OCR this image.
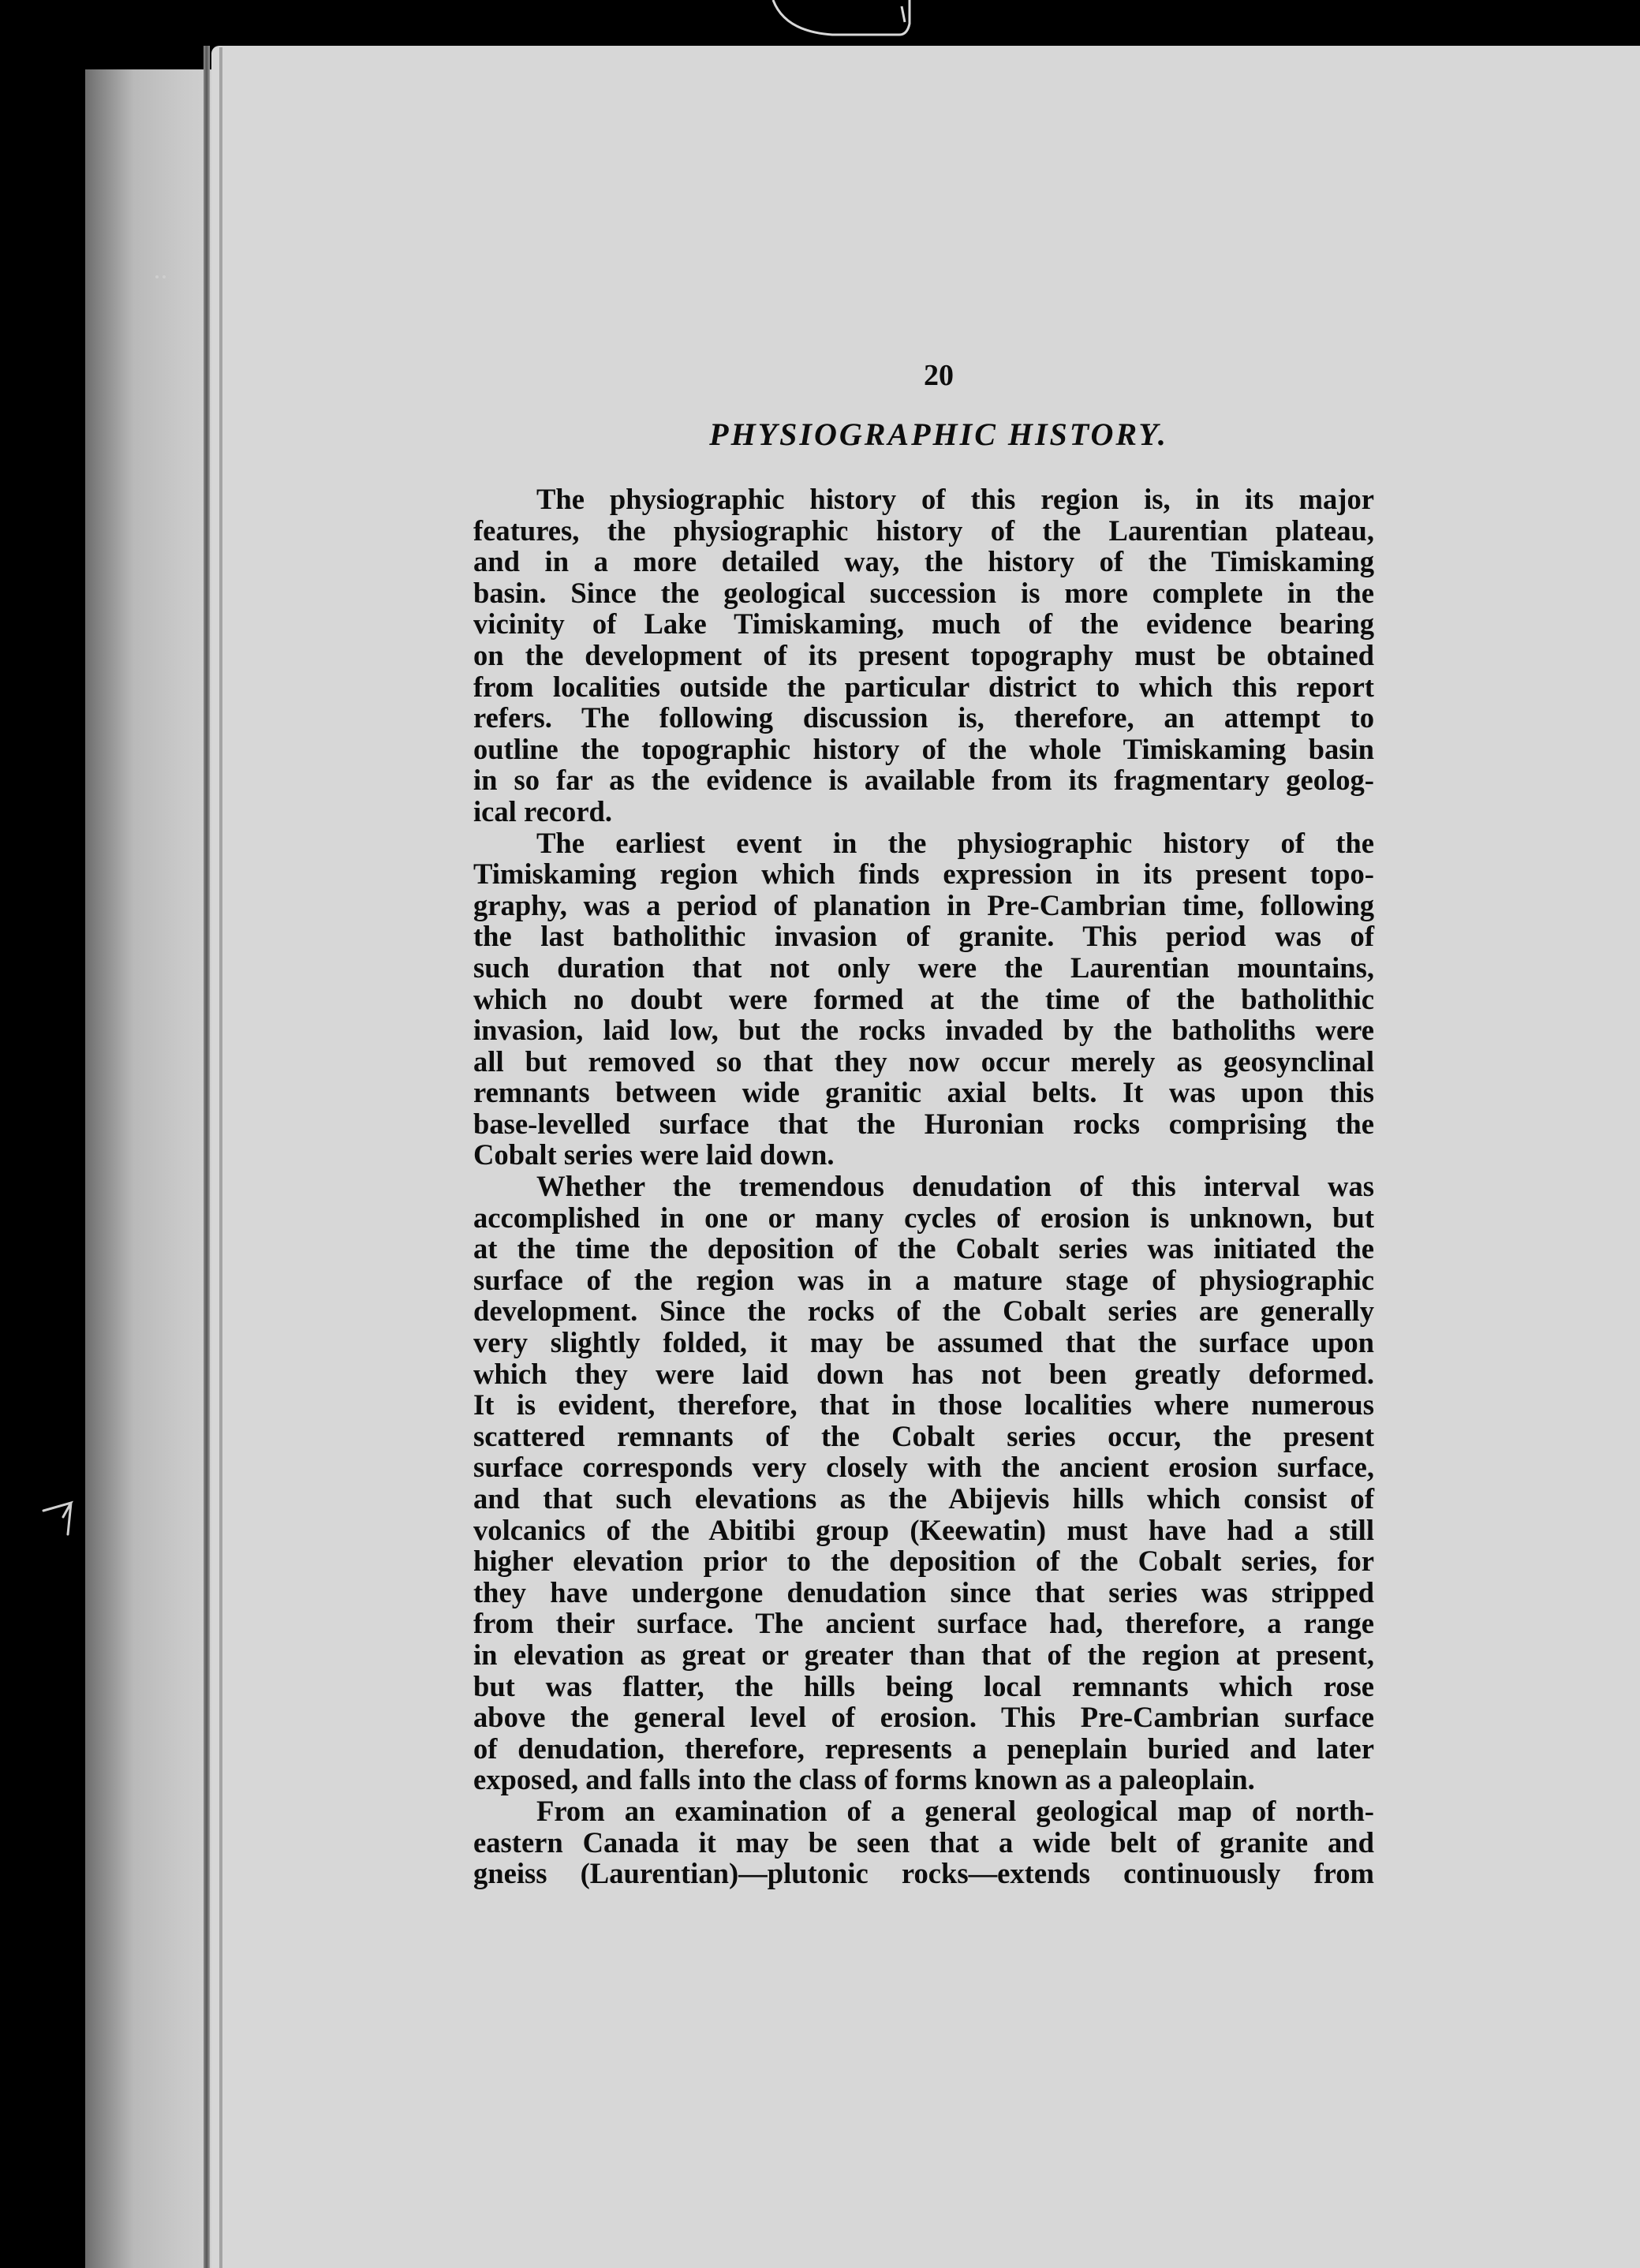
20
PHYSIOGRAPHIC HISTORY.
The physiographic history of this region is, in its major
features, the physiographic history of the Laurentian plateau,
and in a more detailed way, the history of the Timiskaming
basin. Since the geological succession is more complete in the
vicinity of Lake Timiskaming, much of the evidence bearing
on the development of its present topography must be obtained
from localities outside the particular district to which this report
refers. The following discussion is, therefore, an attempt to
outline the topographic history of the whole Timiskaming basin
in so far as the evidence is available from its fragmentary geolog-
ical record.
The earliest event in the physiographic history of the
Timiskaming region which finds expression in its present topo-
graphy, was a period of planation in Pre-Cambrian time, following
the last batholithic invasion of granite. This period was of
such duration that not only were the Laurentian mountains,
which no doubt were formed at the time of the batholithic
invasion, laid low, but the rocks invaded by the batholiths were
all but removed so that they now occur merely as geosynclinal
remnants between wide granitic axial belts. It was upon this
base-levelled surface that the Huronian rocks comprising the
Cobalt series were laid down.
Whether the tremendous denudation of this interval was
accomplished in one or many cycles of erosion is unknown, but
at the time the deposition of the Cobalt series was initiated the
surface of the region was in a mature stage of physiographic
development. Since the rocks of the Cobalt series are generally
very slightly folded, it may be assumed that the surface upon
which they were laid down has not been greatly deformed.
It is evident, therefore, that in those localities where numerous
scattered remnants of the Cobalt series occur, the present
surface corresponds very closely with the ancient erosion surface,
and that such elevations as the Abijevis hills which consist of
volcanics of the Abitibi group (Keewatin) must have had a still
higher elevation prior to the deposition of the Cobalt series, for
they have undergone denudation since that series was stripped
from their surface. The ancient surface had, therefore, a range
in elevation as great or greater than that of the region at present,
but was flatter, the hills being local remnants which rose
above the general level of erosion. This Pre-Cambrian surface
of denudation, therefore, represents a peneplain buried and later
exposed, and falls into the class of forms known as a paleoplain.
From an examination of a general geological map of north-
eastern Canada it may be seen that a wide belt of granite and
gneiss (Laurentian)—plutonic rocks—extends continuously from
